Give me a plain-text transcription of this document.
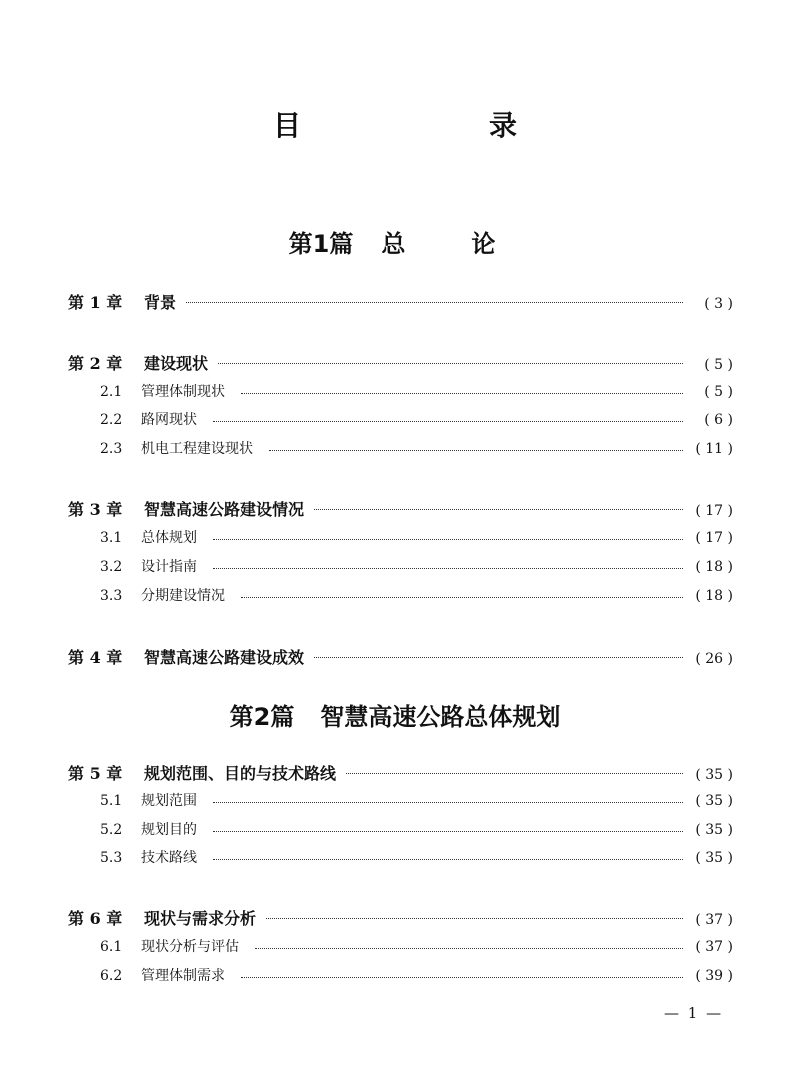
目　　录
第1篇 总　　论
第 1 章	背景	( 3 )
第 2 章	建设现状	( 5 )
2.1	管理体制现状	( 5 )
2.2	路网现状	( 6 )
2.3	机电工程建设现状	( 11 )
第 3 章	智慧高速公路建设情况	( 17 )
3.1	总体规划	( 17 )
3.2	设计指南	( 18 )
3.3	分期建设情况	( 18 )
第 4 章	智慧高速公路建设成效	( 26 )
第2篇 智慧高速公路总体规划
第 5 章	规划范围、目的与技术路线	( 35 )
5.1	规划范围	( 35 )
5.2	规划目的	( 35 )
5.3	技术路线	( 35 )
第 6 章	现状与需求分析	( 37 )
6.1	现状分析与评估	( 37 )
6.2	管理体制需求	( 39 )
— 1 —
